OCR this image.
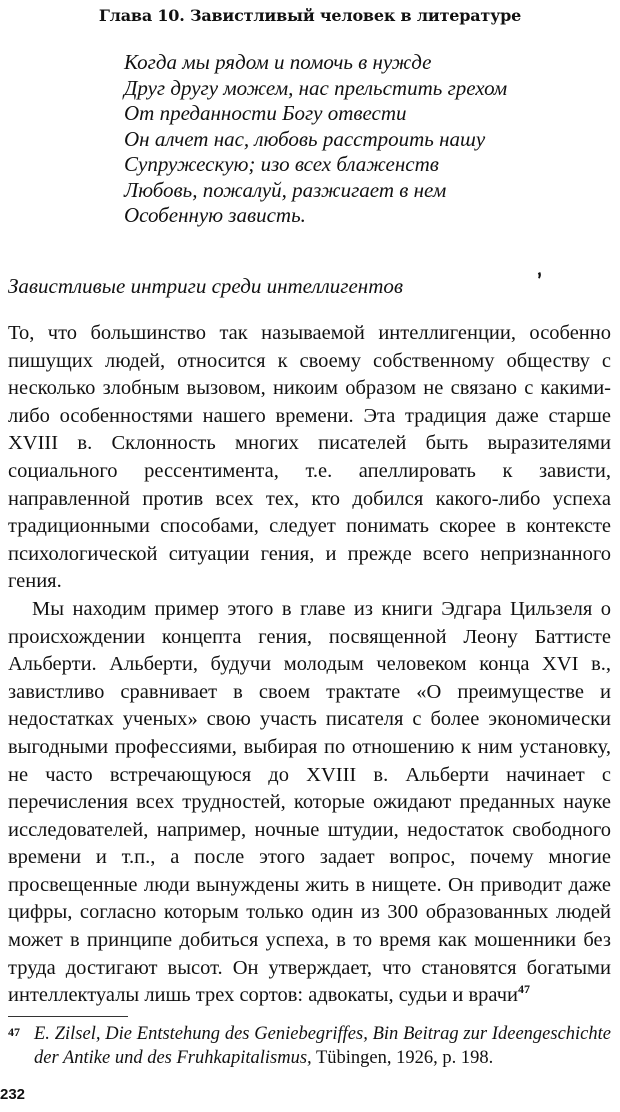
Глава 10. Завистливый человек в литературе
Когда мы рядом и помочь в нужде
Друг другу можем, нас прельстить грехом
От преданности Богу отвести
Он алчет нас, любовь расстроить нашу
Супружескую; изо всех блаженств
Любовь, пожалуй, разжигает в нем
Особенную зависть.
Завистливые интриги среди интеллигентов	ʼ

То, что большинство так называемой интеллигенции, особенно пишущих людей, относится к своему собственному обществу с несколько злобным вызовом, никоим образом не связано с какими-либо особенностями нашего времени. Эта традиция даже старше XVIII в. Склонность многих писателей быть выразителями социального рессентимента, т.е. апеллировать к зависти, направленной против всех тех, кто добился какого-либо успеха традиционными способами, следует понимать скорее в контексте психологической ситуации гения, и прежде всего непризнанного гения.

Мы находим пример этого в главе из книги Эдгара Цильзеля о происхождении концепта гения, посвященной Леону Баттисте Альберти. Альберти, будучи молодым человеком конца XVI в., завистливо сравнивает в своем трактате «О преимуществе и недостатках ученых» свою участь писателя с более экономически выгодными профессиями, выбирая по отношению к ним установку, не часто встречающуюся до XVIII в. Альберти начинает с перечисления всех трудностей, которые ожидают преданных науке исследователей, например, ночные штудии, недостаток свободного времени и т.п., а после этого задает вопрос, почему многие просвещенные люди вынуждены жить в нищете. Он приводит даже цифры, согласно которым только один из 300 образованных людей может в принципе добиться успеха, в то время как мошенники без труда достигают высот. Он утверждает, что становятся богатыми интеллектуалы лишь трех сортов: адвокаты, судьи и врачи$^{47}$

47 E. Zilsel, Die Entstehung des Geniebegriffes, Bin Beitrag zur Ideengeschichte der Antike und des Fruhkapitalismus, Tübingen, 1926, p. 198.
232
